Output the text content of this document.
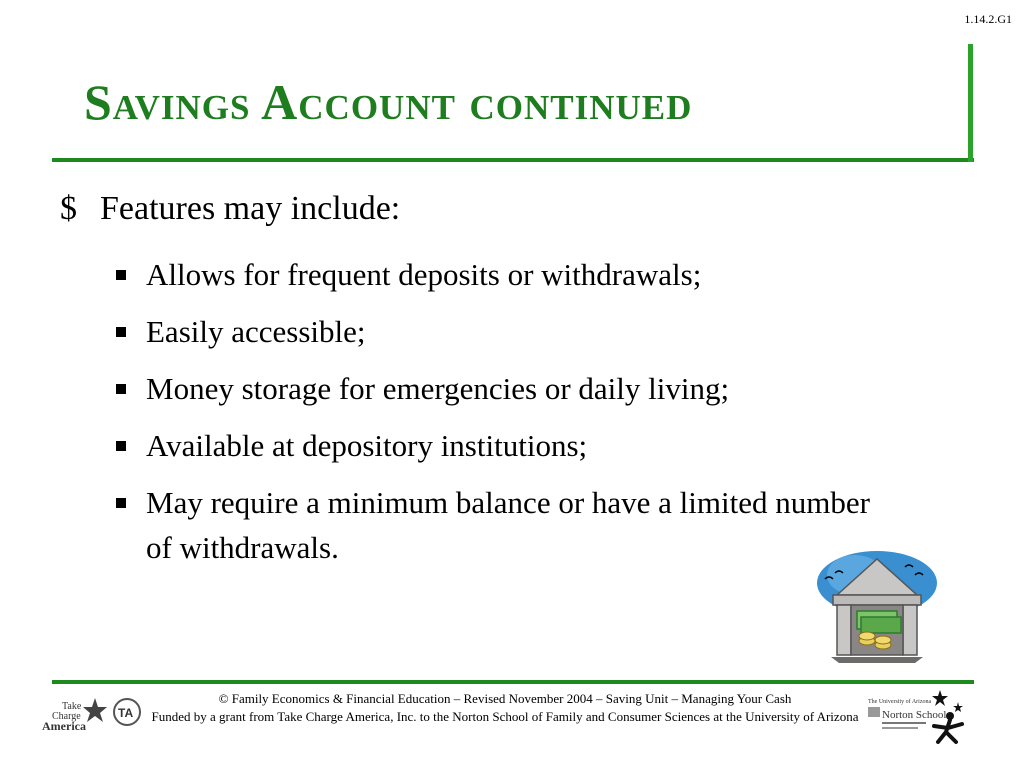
1.14.2.G1
Savings Account continued
$ Features may include:
Allows for frequent deposits or withdrawals;
Easily accessible;
Money storage for emergencies or daily living;
Available at depository institutions;
May require a minimum balance or have a limited number of withdrawals.
Take
Charge
America
TA
© Family Economics & Financial Education – Revised November 2004 – Saving Unit – Managing Your Cash
Funded by a grant from Take Charge America, Inc. to the Norton School of Family and Consumer Sciences at the University of Arizona
The University of Arizona
Norton School
